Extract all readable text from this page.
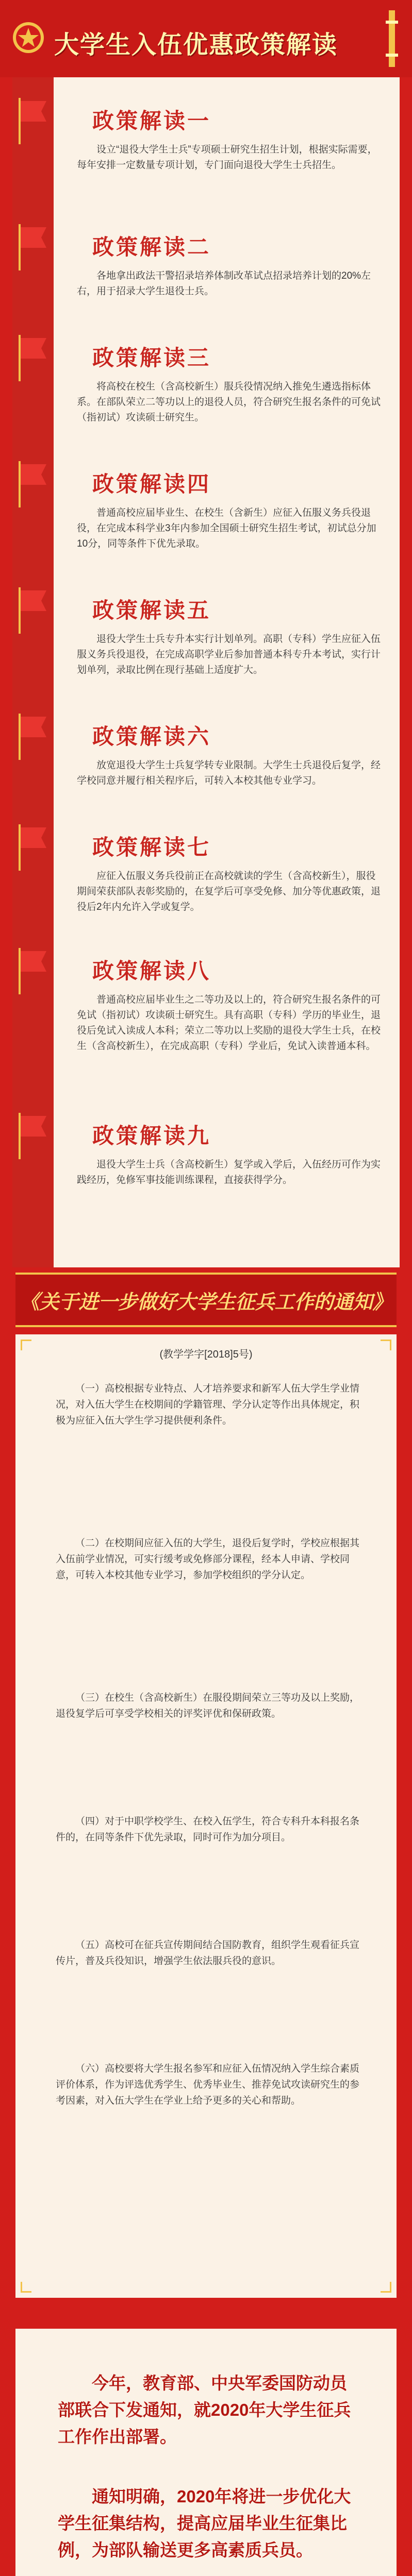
大学生入伍优惠政策解读
政策解读一

设立“退役大学生士兵”专项硕士研究生招生计划，根据实际需要，每年安排一定数量专项计划，专门面向退役大学生士兵招生。

政策解读二

各地拿出政法干警招录培养体制改革试点招录培养计划的20%左右，用于招录大学生退役士兵。

政策解读三

将高校在校生（含高校新生）服兵役情况纳入推免生遴选指标体系。在部队荣立二等功以上的退役人员，符合研究生报名条件的可免试（指初试）攻读硕士研究生。

政策解读四

普通高校应届毕业生、在校生（含新生）应征入伍服义务兵役退役，在完成本科学业3年内参加全国硕士研究生招生考试，初试总分加10分，同等条件下优先录取。

政策解读五

退役大学生士兵专升本实行计划单列。高职（专科）学生应征入伍服义务兵役退役，在完成高职学业后参加普通本科专升本考试，实行计划单列，录取比例在现行基础上适度扩大。

政策解读六

放宽退役大学生士兵复学转专业限制。大学生士兵退役后复学，经学校同意并履行相关程序后，可转入本校其他专业学习。

政策解读七

应征入伍服义务兵役前正在高校就读的学生（含高校新生），服役期间荣获部队表彰奖励的，在复学后可享受免修、加分等优惠政策，退役后2年内允许入学或复学。

政策解读八

普通高校应届毕业生之二等功及以上的，符合研究生报名条件的可免试（指初试）攻读硕士研究生。具有高职（专科）学历的毕业生，退役后免试入读成人本科；荣立二等功以上奖励的退役大学生士兵，在校生（含高校新生），在完成高职（专科）学业后，免试入读普通本科。

政策解读九

退役大学生士兵（含高校新生）复学或入学后，入伍经历可作为实践经历，免修军事技能训练课程，直接获得学分。

《关于进一步做好大学生征兵工作的通知》
(教学学字[2018]5号)

（一）高校根据专业特点、人才培养要求和新军人伍大学生学业情况，对入伍大学生在校期间的学籍管理、学分认定等作出具体规定，积极为应征入伍大学生学习提供便利条件。

（二）在校期间应征入伍的大学生，退役后复学时，学校应根据其入伍前学业情况，可实行缓考或免修部分课程，经本人申请、学校同意，可转入本校其他专业学习，参加学校组织的学分认定。

（三）在校生（含高校新生）在服役期间荣立三等功及以上奖励，退役复学后可享受学校相关的评奖评优和保研政策。

（四）对于中职学校学生、在校入伍学生，符合专科升本科报名条件的，在同等条件下优先录取，同时可作为加分项目。

（五）高校可在征兵宣传期间结合国防教育，组织学生观看征兵宣传片，普及兵役知识，增强学生依法服兵役的意识。

（六）高校要将大学生报名参军和应征入伍情况纳入学生综合素质评价体系，作为评选优秀学生、优秀毕业生、推荐免试攻读研究生的参考因素，对入伍大学生在学业上给予更多的关心和帮助。

今年，教育部、中央军委国防动员部联合下发通知，就2020年大学生征兵工作作出部署。

通知明确，2020年将进一步优化大学生征集结构，提高应届毕业生征集比例，为部队输送更多高素质兵员。
